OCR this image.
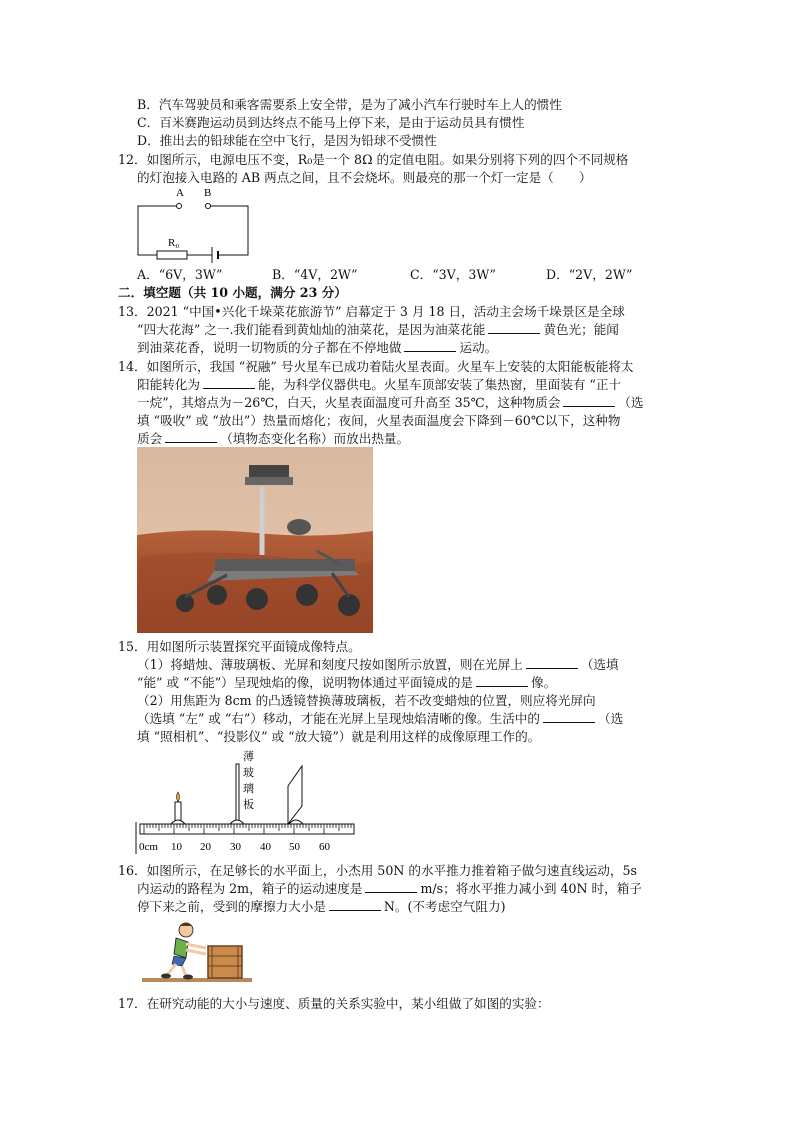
B．汽车驾驶员和乘客需要系上安全带，是为了减小汽车行驶时车上人的惯性
C．百米赛跑运动员到达终点不能马上停下来，是由于运动员具有惯性
D．推出去的铅球能在空中飞行，是因为铅球不受惯性
12．如图所示，电源电压不变，R₀是一个 8Ω 的定值电阻。如果分别将下列的四个不同规格
的灯泡接入电路的 AB 两点之间，且不会烧坏。则最亮的那一个灯一定是（　　）
A B
R₀
A．“6V，3W”	B．“4V，2W”	C．“3V，3W”	D．“2V，2W”
二．填空题（共 10 小题，满分 23 分）
13．2021 “中国•兴化千垛菜花旅游节” 启幕定于 3 月 18 日，活动主会场千垛景区是全球
“四大花海” 之一.我们能看到黄灿灿的油菜花，是因为油菜花能	黄色光；能闻
到油菜花香，说明一切物质的分子都在不停地做	运动。
14．如图所示，我国 “祝融” 号火星车已成功着陆火星表面。火星车上安装的太阳能板能将太
阳能转化为	能，为科学仪器供电。火星车顶部安装了集热窗，里面装有 “正十
一烷”，其熔点为－26℃，白天，火星表面温度可升高至 35℃，这种物质会	（选
填 “吸收” 或 “放出”）热量而熔化；夜间，火星表面温度会下降到－60℃以下，这种物
质会	（填物态变化名称）而放出热量。
15．用如图所示装置探究平面镜成像特点。
（1）将蜡烛、薄玻璃板、光屏和刻度尺按如图所示放置，则在光屏上	（选填
“能” 或 “不能”）呈现烛焰的像，说明物体通过平面镜成的是	像。
（2）用焦距为 8cm 的凸透镜替换薄玻璃板，若不改变蜡烛的位置，则应将光屏向
（选填 “左” 或 “右”）移动，才能在光屏上呈现烛焰清晰的像。生活中的	（选
填 “照相机”、“投影仪” 或 “放大镜”）就是利用这样的成像原理工作的。
薄
玻
璃
板
0cm 10 20 30 40 50 60
16．如图所示，在足够长的水平面上，小杰用 50N 的水平推力推着箱子做匀速直线运动，5s
内运动的路程为 2m，箱子的运动速度是	m/s；将水平推力减小到 40N 时，箱子
停下来之前，受到的摩擦力大小是	N。(不考虑空气阻力)
17．在研究动能的大小与速度、质量的关系实验中，某小组做了如图的实验：
